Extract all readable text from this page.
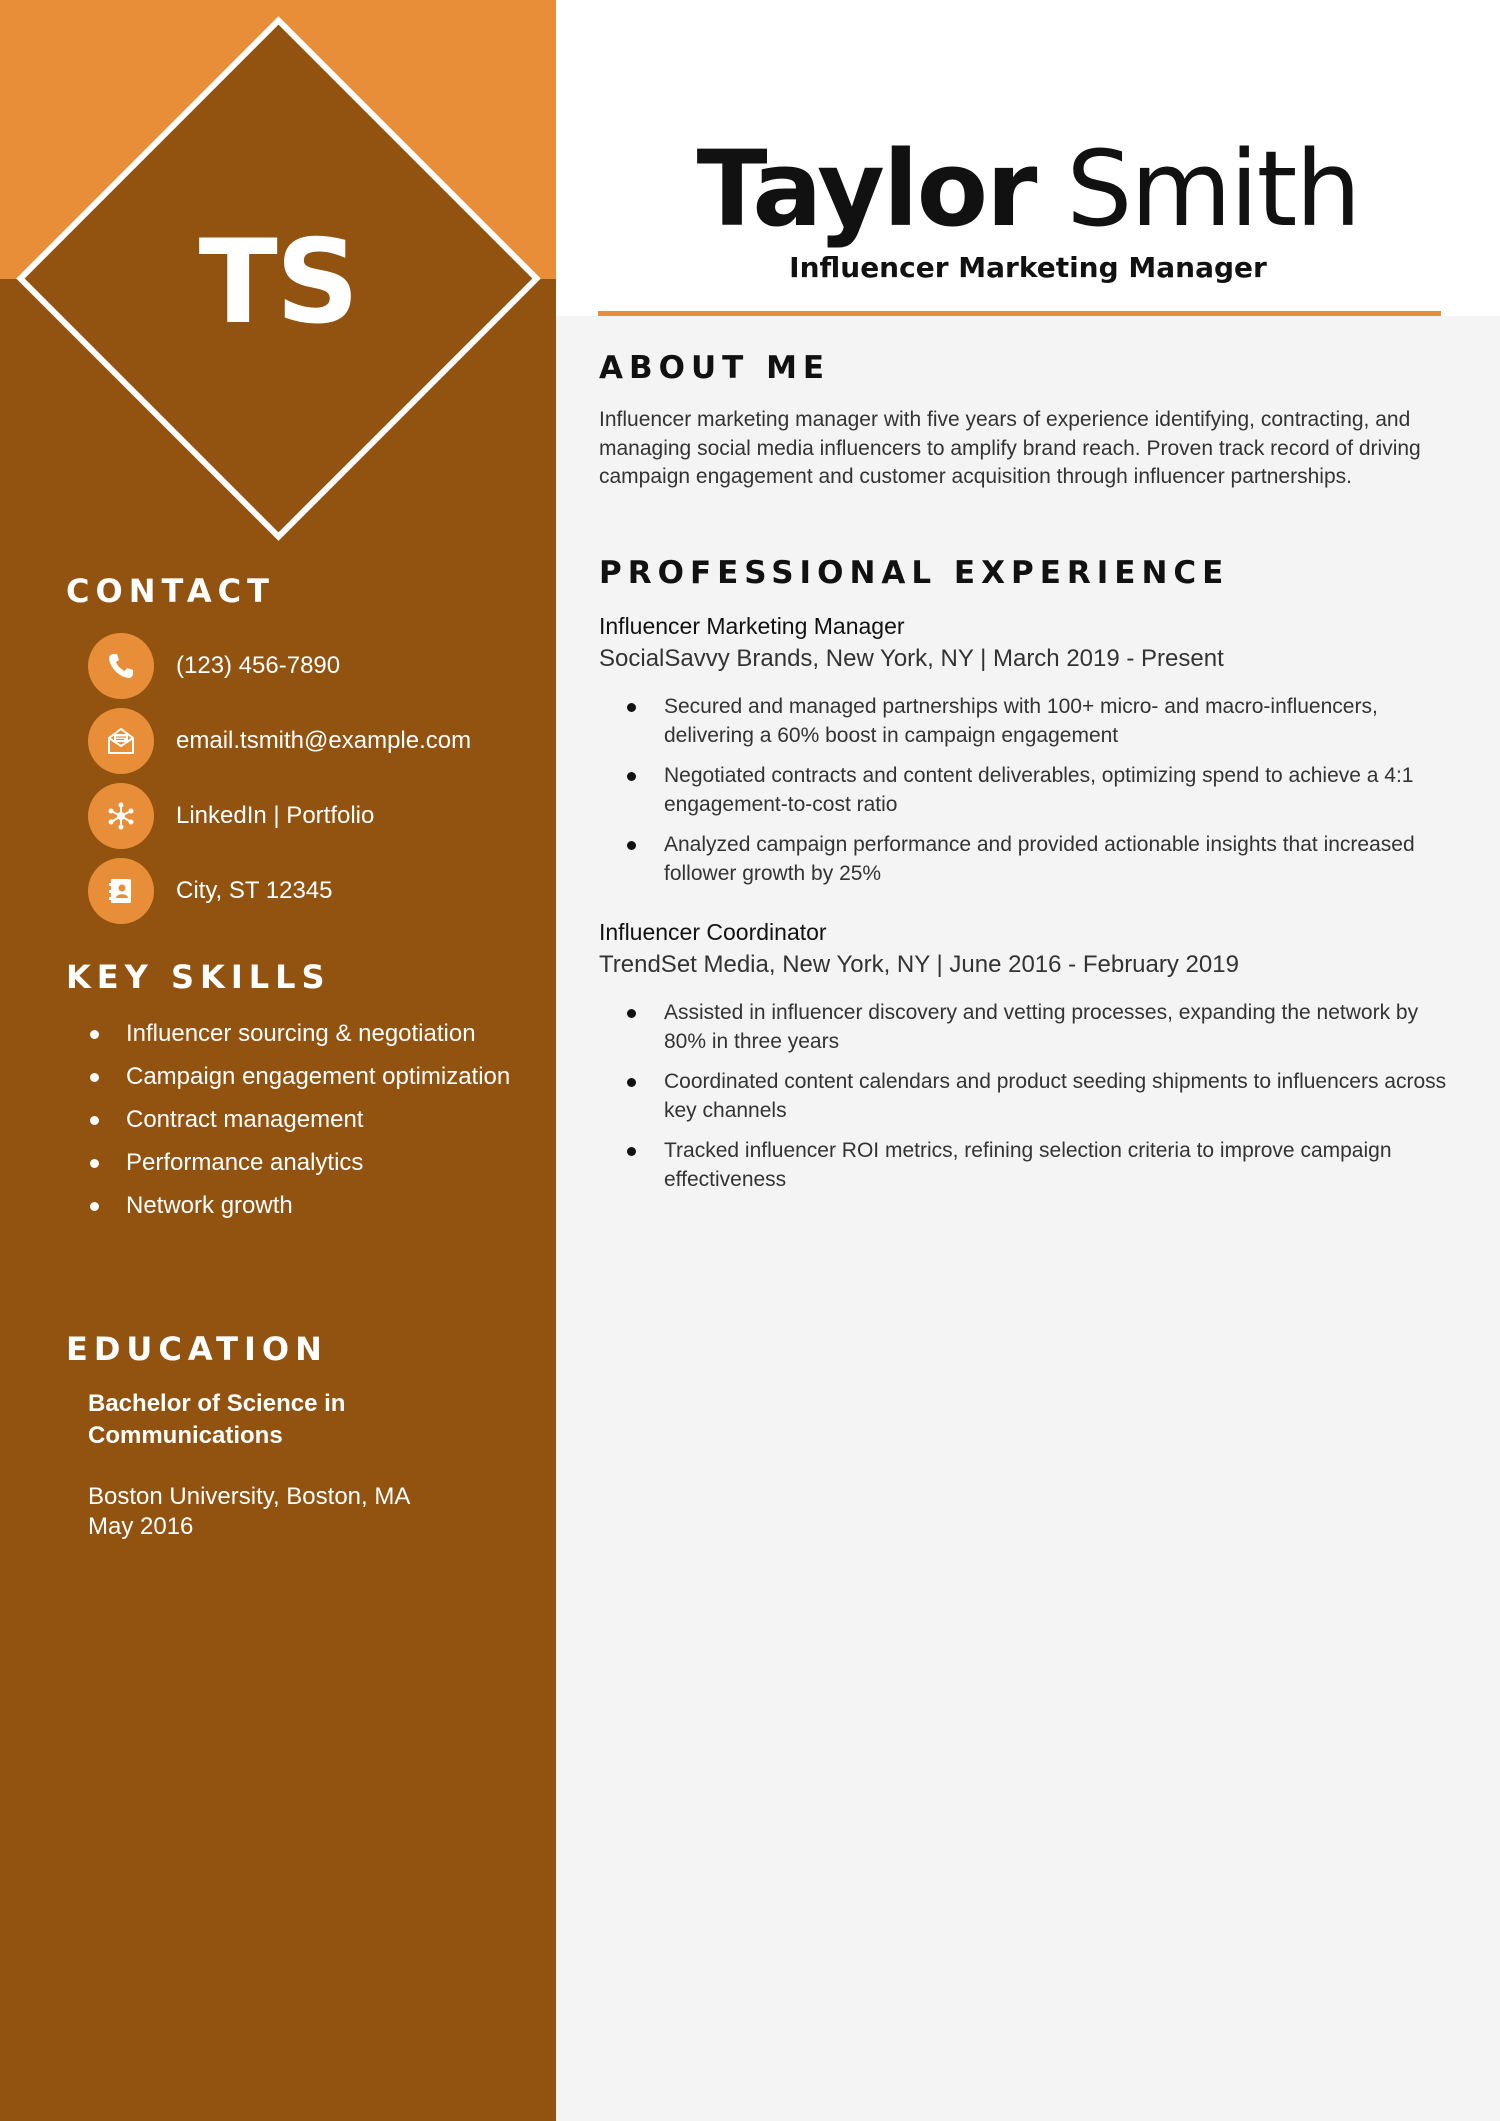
TS
CONTACT
(123) 456-7890
email.tsmith@example.com
LinkedIn | Portfolio
City, ST 12345
KEY SKILLS
Influencer sourcing & negotiation
Campaign engagement optimization
Contract management
Performance analytics
Network growth
EDUCATION
Bachelor of Science in Communications
Boston University, Boston, MA
May 2016
Taylor Smith
Influencer Marketing Manager
ABOUT ME
Influencer marketing manager with five years of experience identifying, contracting, and managing social media influencers to amplify brand reach. Proven track record of driving campaign engagement and customer acquisition through influencer partnerships.
PROFESSIONAL EXPERIENCE
Influencer Marketing Manager
SocialSavvy Brands, New York, NY | March 2019 - Present
Secured and managed partnerships with 100+ micro- and macro-influencers, delivering a 60% boost in campaign engagement
Negotiated contracts and content deliverables, optimizing spend to achieve a 4:1 engagement-to-cost ratio
Analyzed campaign performance and provided actionable insights that increased follower growth by 25%
Influencer Coordinator
TrendSet Media, New York, NY | June 2016 - February 2019
Assisted in influencer discovery and vetting processes, expanding the network by 80% in three years
Coordinated content calendars and product seeding shipments to influencers across key channels
Tracked influencer ROI metrics, refining selection criteria to improve campaign effectiveness
